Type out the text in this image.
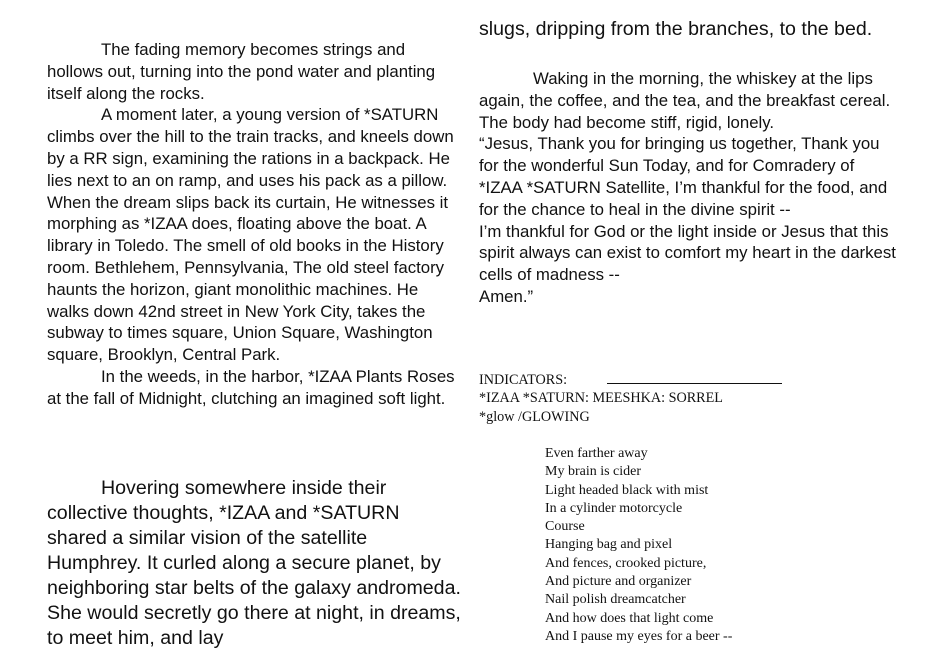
The fading memory becomes strings and hollows out, turning into the pond water and planting itself along the rocks.

A moment later, a young version of *SATURN climbs over the hill to the train tracks, and kneels down by a RR sign, examining the rations in a backpack. He lies next to an on ramp, and uses his pack as a pillow.

When the dream slips back its curtain, He witnesses it morphing as *IZAA does, floating above the boat. A library in Toledo. The smell of old books in the History room. Bethlehem, Pennsylvania, The old steel factory haunts the horizon, giant monolithic machines. He walks down 42nd street in New York City, takes the subway to times square, Union Square, Washington square, Brooklyn, Central Park.

In the weeds, in the harbor, *IZAA Plants Roses at the fall of Midnight, clutching an imagined soft light.

Hovering somewhere inside their collective thoughts, *IZAA and *SATURN shared a similar vision of the satellite Humphrey. It curled along a secure planet, by neighboring star belts of the galaxy andromeda. She would secretly go there at night, in dreams, to meet him, and lay

slugs, dripping from the branches, to the bed.

Waking in the morning, the whiskey at the lips again, the coffee, and the tea, and the breakfast cereal. The body had become stiff, rigid, lonely.

“Jesus, Thank you for bringing us together, Thank you for the wonderful Sun Today, and for Comradery of *IZAA *SATURN Satellite, I’m thankful for the food, and for the chance to heal in the divine spirit --

I’m thankful for God or the light inside or Jesus that this spirit always can exist to comfort my heart in the darkest cells of madness --

Amen.”

INDICATORS:
*IZAA *SATURN: MEESHKA: SORREL
*glow /GLOWING
Even farther away
My brain is cider
Light headed black with mist
In a cylinder motorcycle
Course
Hanging bag and pixel
And fences, crooked picture,
And picture and organizer
Nail polish dreamcatcher
And how does that light come
And I pause my eyes for a beer --
